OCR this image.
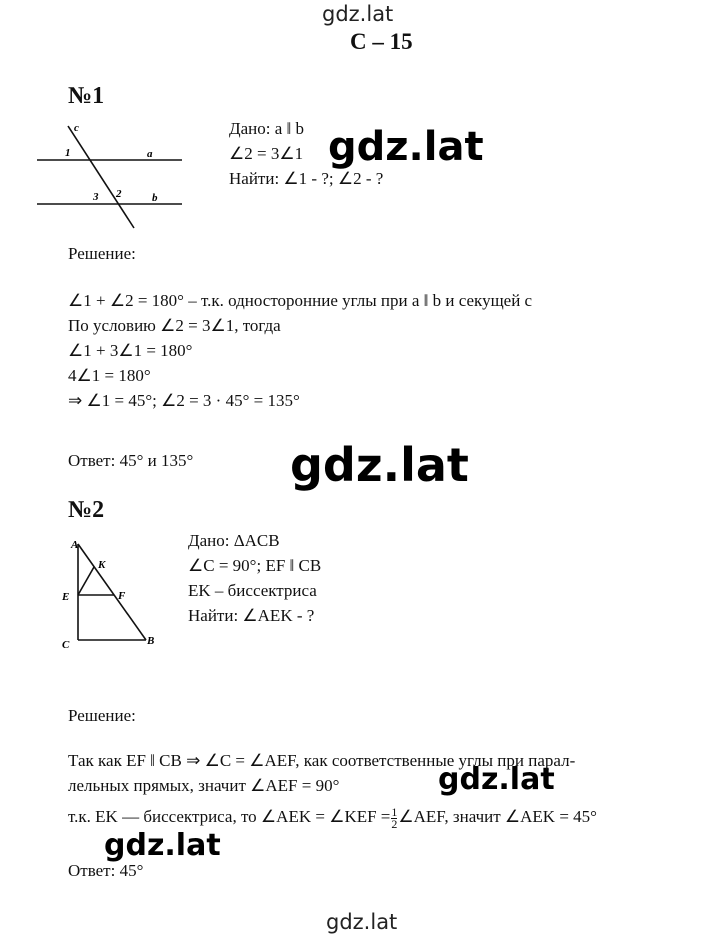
gdz.lat
gdz.lat
gdz.lat
gdz.lat
gdz.lat
gdz.lat
С – 15
№1
c
a
b
1
2
3
Дано: a ‖ b
∠2 = 3∠1
Найти: ∠1 - ?; ∠2 - ?
Решение:
∠1 + ∠2 = 180° – т.к. односторонние углы при a ‖ b и секущей с
По условию ∠2 = 3∠1, тогда
∠1 + 3∠1 = 180°
4∠1 = 180°
⇒ ∠1 = 45°; ∠2 = 3 · 45° = 135°
Ответ: 45° и 135°
№2
A
K
E	F
C	B
Дано: ΔACB
∠C = 90°; EF ‖ CB
EK – биссектриса
Найти: ∠AEK - ?
Решение:
Так как EF ‖ CB ⇒ ∠C = ∠AEF, как соответственные углы при парал-
лельных прямых, значит ∠AEF = 90°
т.к. EK — биссектриса, то ∠AEK = ∠KEF = $\frac{1}{2}$ ∠AEF, значит ∠AEK = 45°
Ответ: 45°
